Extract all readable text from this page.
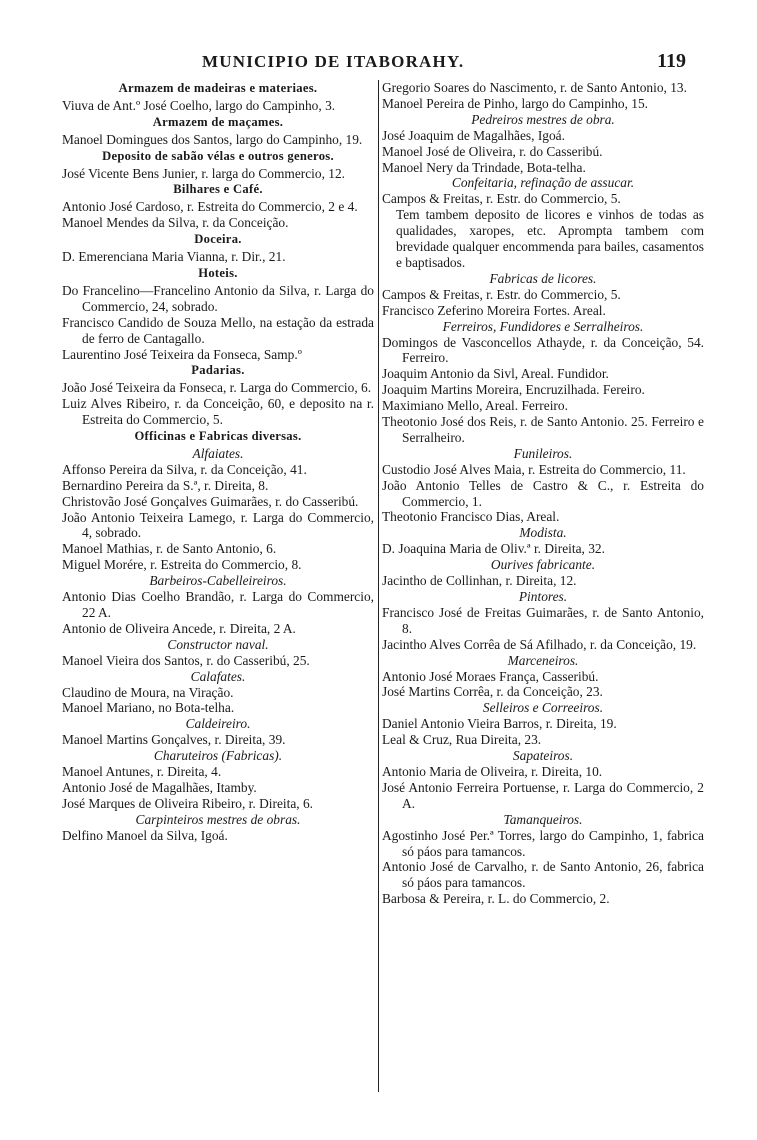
MUNICIPIO DE ITABORAHY.	119

Armazem de madeiras e materiaes.

Viuva de Ant.º José Coelho, largo do Campinho, 3.

Armazem de maçames.

Manoel Domingues dos Santos, largo do Campinho, 19.

Deposito de sabão vélas e outros generos.

José Vicente Bens Junier, r. larga do Commercio, 12.

Bilhares e Café.

Antonio José Cardoso, r. Estreita do Commercio, 2 e 4.

Manoel Mendes da Silva, r. da Conceição.

Doceira.

D. Emerenciana Maria Vianna, r. Dir., 21.

Hoteis.

Do Francelino—Francelino Antonio da Silva, r. Larga do Commercio, 24, sobrado.

Francisco Candido de Souza Mello, na estação da estrada de ferro de Cantagallo.

Laurentino José Teixeira da Fonseca, Samp.º

Padarias.

João José Teixeira da Fonseca, r. Larga do Commercio, 6.

Luiz Alves Ribeiro, r. da Conceição, 60, e deposito na r. Estreita do Commercio, 5.

Officinas e Fabricas diversas.

Alfaiates.

Affonso Pereira da Silva, r. da Conceição, 41.

Bernardino Pereira da S.ª, r. Direita, 8.

Christovão José Gonçalves Guimarães, r. do Casseribú.

João Antonio Teixeira Lamego, r. Larga do Commercio, 4, sobrado.

Manoel Mathias, r. de Santo Antonio, 6.

Miguel Morére, r. Estreita do Commercio, 8.

Barbeiros-Cabelleireiros.

Antonio Dias Coelho Brandão, r. Larga do Commercio, 22 A.

Antonio de Oliveira Ancede, r. Direita, 2 A.

Constructor naval.

Manoel Vieira dos Santos, r. do Casseribú, 25.

Calafates.

Claudino de Moura, na Viração.

Manoel Mariano, no Bota-telha.

Caldeireiro.

Manoel Martins Gonçalves, r. Direita, 39.

Charuteiros (Fabricas).

Manoel Antunes, r. Direita, 4.

Antonio José de Magalhães, Itamby.

José Marques de Oliveira Ribeiro, r. Direita, 6.

Carpinteiros mestres de obras.

Delfino Manoel da Silva, Igoá.

Gregorio Soares do Nascimento, r. de Santo Antonio, 13.

Manoel Pereira de Pinho, largo do Campinho, 15.

Pedreiros mestres de obra.

José Joaquim de Magalhães, Igoá.

Manoel José de Oliveira, r. do Casseribú.

Manoel Nery da Trindade, Bota-telha.

Confeitaria, refinação de assucar.

Campos & Freitas, r. Estr. do Commercio, 5.

Tem tambem deposito de licores e vinhos de todas as qualidades, xaropes, etc. Aprompta tambem com brevidade qualquer encommenda para bailes, casamentos e baptisados.

Fabricas de licores.

Campos & Freitas, r. Estr. do Commercio, 5.

Francisco Zeferino Moreira Fortes. Areal.

Ferreiros, Fundidores e Serralheiros.

Domingos de Vasconcellos Athayde, r. da Conceição, 54. Ferreiro.

Joaquim Antonio da Sivl, Areal. Fundidor.

Joaquim Martins Moreira, Encruzilhada. Fereiro.

Maximiano Mello, Areal. Ferreiro.

Theotonio José dos Reis, r. de Santo Antonio. 25. Ferreiro e Serralheiro.

Funileiros.

Custodio José Alves Maia, r. Estreita do Commercio, 11.

João Antonio Telles de Castro & C., r. Estreita do Commercio, 1.

Theotonio Francisco Dias, Areal.

Modista.

D. Joaquina Maria de Oliv.ª r. Direita, 32.

Ourives fabricante.

Jacintho de Collinhan, r. Direita, 12.

Pintores.

Francisco José de Freitas Guimarães, r. de Santo Antonio, 8.

Jacintho Alves Corrêa de Sá Afilhado, r. da Conceição, 19.

Marceneiros.

Antonio José Moraes França, Casseribú.

José Martins Corrêa, r. da Conceição, 23.

Selleiros e Correeiros.

Daniel Antonio Vieira Barros, r. Direita, 19.

Leal & Cruz, Rua Direita, 23.

Sapateiros.

Antonio Maria de Oliveira, r. Direita, 10.

José Antonio Ferreira Portuense, r. Larga do Commercio, 2 A.

Tamanqueiros.

Agostinho José Per.ª Torres, largo do Campinho, 1, fabrica só páos para tamancos.

Antonio José de Carvalho, r. de Santo Antonio, 26, fabrica só páos para tamancos.

Barbosa & Pereira, r. L. do Commercio, 2.
